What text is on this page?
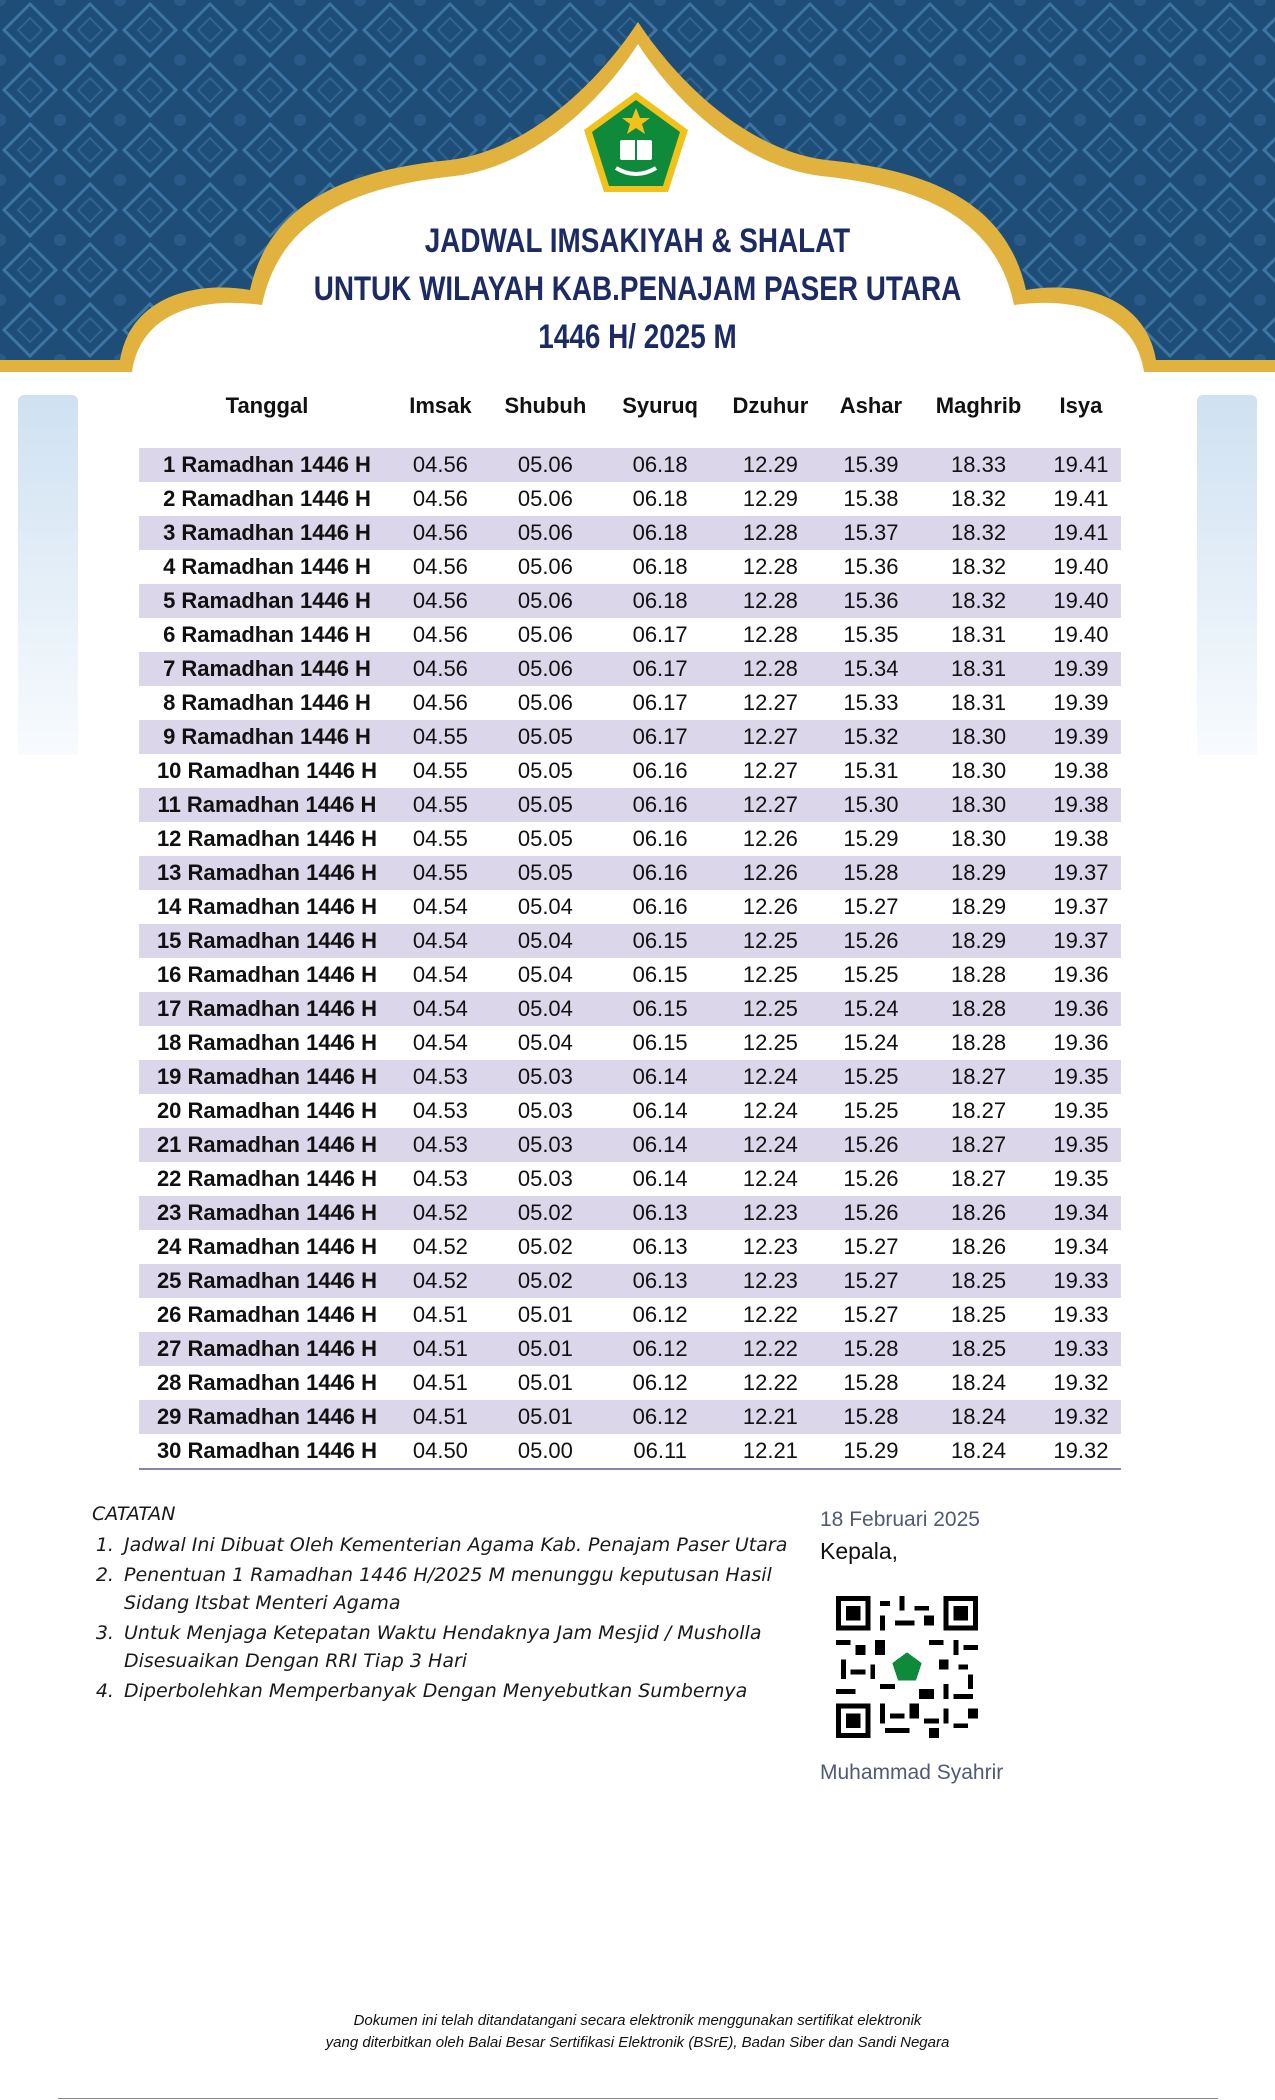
JADWAL IMSAKIYAH & SHALAT
UNTUK WILAYAH KAB.PENAJAM PASER UTARA
1446 H/ 2025 M
Tanggal	Imsak	Shubuh	Syuruq	Dzuhur	Ashar	Maghrib	Isya

1 Ramadhan 1446 H	04.56	05.06	06.18	12.29	15.39	18.33	19.41
2 Ramadhan 1446 H	04.56	05.06	06.18	12.29	15.38	18.32	19.41
3 Ramadhan 1446 H	04.56	05.06	06.18	12.28	15.37	18.32	19.41
4 Ramadhan 1446 H	04.56	05.06	06.18	12.28	15.36	18.32	19.40
5 Ramadhan 1446 H	04.56	05.06	06.18	12.28	15.36	18.32	19.40
6 Ramadhan 1446 H	04.56	05.06	06.17	12.28	15.35	18.31	19.40
7 Ramadhan 1446 H	04.56	05.06	06.17	12.28	15.34	18.31	19.39
8 Ramadhan 1446 H	04.56	05.06	06.17	12.27	15.33	18.31	19.39
9 Ramadhan 1446 H	04.55	05.05	06.17	12.27	15.32	18.30	19.39
10 Ramadhan 1446 H	04.55	05.05	06.16	12.27	15.31	18.30	19.38
11 Ramadhan 1446 H	04.55	05.05	06.16	12.27	15.30	18.30	19.38
12 Ramadhan 1446 H	04.55	05.05	06.16	12.26	15.29	18.30	19.38
13 Ramadhan 1446 H	04.55	05.05	06.16	12.26	15.28	18.29	19.37
14 Ramadhan 1446 H	04.54	05.04	06.16	12.26	15.27	18.29	19.37
15 Ramadhan 1446 H	04.54	05.04	06.15	12.25	15.26	18.29	19.37
16 Ramadhan 1446 H	04.54	05.04	06.15	12.25	15.25	18.28	19.36
17 Ramadhan 1446 H	04.54	05.04	06.15	12.25	15.24	18.28	19.36
18 Ramadhan 1446 H	04.54	05.04	06.15	12.25	15.24	18.28	19.36
19 Ramadhan 1446 H	04.53	05.03	06.14	12.24	15.25	18.27	19.35
20 Ramadhan 1446 H	04.53	05.03	06.14	12.24	15.25	18.27	19.35
21 Ramadhan 1446 H	04.53	05.03	06.14	12.24	15.26	18.27	19.35
22 Ramadhan 1446 H	04.53	05.03	06.14	12.24	15.26	18.27	19.35
23 Ramadhan 1446 H	04.52	05.02	06.13	12.23	15.26	18.26	19.34
24 Ramadhan 1446 H	04.52	05.02	06.13	12.23	15.27	18.26	19.34
25 Ramadhan 1446 H	04.52	05.02	06.13	12.23	15.27	18.25	19.33
26 Ramadhan 1446 H	04.51	05.01	06.12	12.22	15.27	18.25	19.33
27 Ramadhan 1446 H	04.51	05.01	06.12	12.22	15.28	18.25	19.33
28 Ramadhan 1446 H	04.51	05.01	06.12	12.22	15.28	18.24	19.32
29 Ramadhan 1446 H	04.51	05.01	06.12	12.21	15.28	18.24	19.32
30 Ramadhan 1446 H	04.50	05.00	06.11	12.21	15.29	18.24	19.32
CATATAN
1. Jadwal Ini Dibuat Oleh Kementerian Agama Kab. Penajam Paser Utara
2. Penentuan 1 Ramadhan 1446 H/2025 M menunggu keputusan Hasil Sidang Itsbat Menteri Agama
3. Untuk Menjaga Ketepatan Waktu Hendaknya Jam Mesjid / Musholla Disesuaikan Dengan RRI Tiap 3 Hari
4. Diperbolehkan Memperbanyak Dengan Menyebutkan Sumbernya
18 Februari 2025
Kepala,
Muhammad Syahrir
Dokumen ini telah ditandatangani secara elektronik menggunakan sertifikat elektronik
yang diterbitkan oleh Balai Besar Sertifikasi Elektronik (BSrE), Badan Siber dan Sandi Negara
